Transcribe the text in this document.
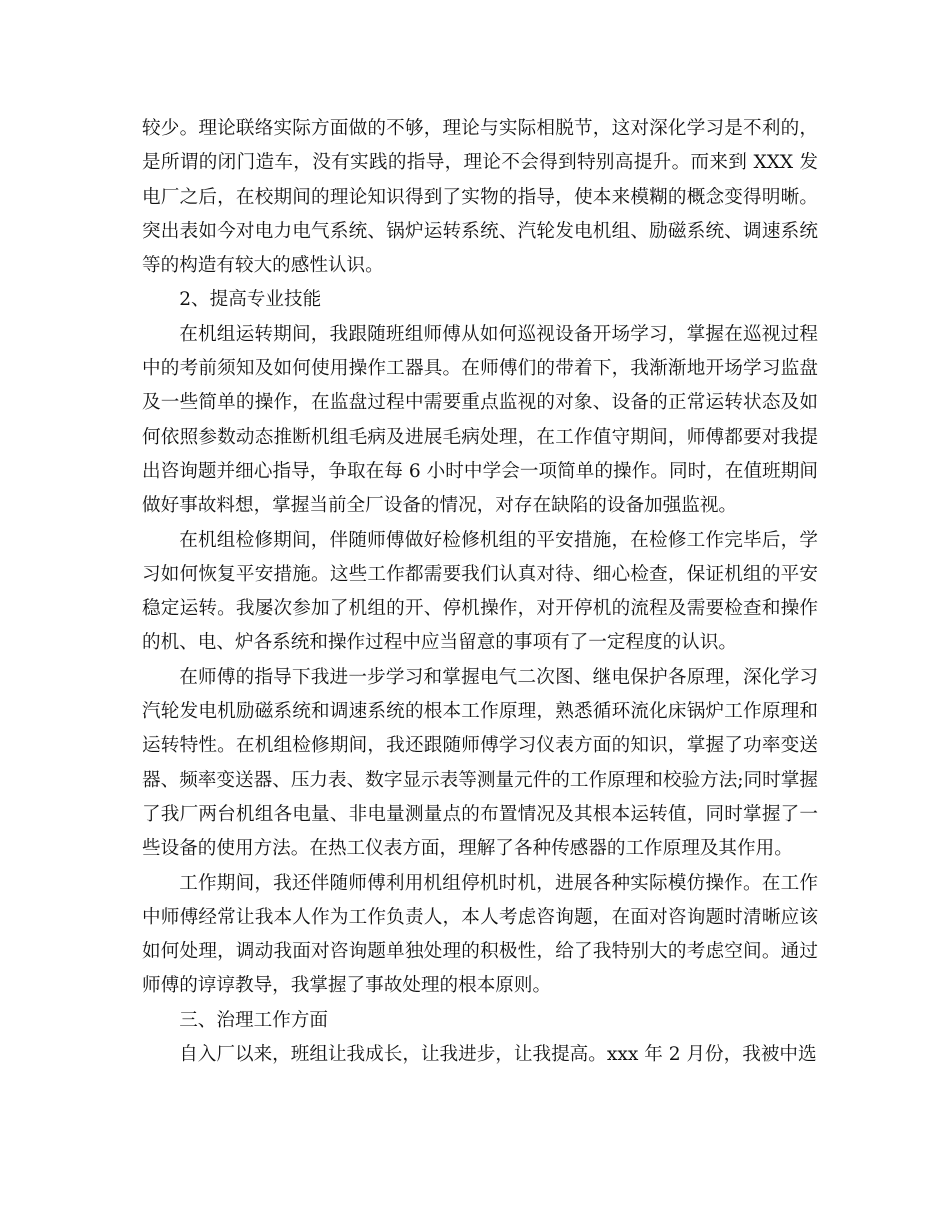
较少。理论联络实际方面做的不够，理论与实际相脱节，这对深化学习是不利的，是所谓的闭门造车，没有实践的指导，理论不会得到特别高提升。而来到 XXX 发电厂之后，在校期间的理论知识得到了实物的指导，使本来模糊的概念变得明晰。突出表如今对电力电气系统、锅炉运转系统、汽轮发电机组、励磁系统、调速系统等的构造有较大的感性认识。

2、提高专业技能

在机组运转期间，我跟随班组师傅从如何巡视设备开场学习，掌握在巡视过程中的考前须知及如何使用操作工器具。在师傅们的带着下，我渐渐地开场学习监盘及一些简单的操作，在监盘过程中需要重点监视的对象、设备的正常运转状态及如何依照参数动态推断机组毛病及进展毛病处理，在工作值守期间，师傅都要对我提出咨询题并细心指导，争取在每 6 小时中学会一项简单的操作。同时，在值班期间做好事故料想，掌握当前全厂设备的情况，对存在缺陷的设备加强监视。

在机组检修期间，伴随师傅做好检修机组的平安措施，在检修工作完毕后，学习如何恢复平安措施。这些工作都需要我们认真对待、细心检查，保证机组的平安稳定运转。我屡次参加了机组的开、停机操作，对开停机的流程及需要检查和操作的机、电、炉各系统和操作过程中应当留意的事项有了一定程度的认识。

在师傅的指导下我进一步学习和掌握电气二次图、继电保护各原理，深化学习汽轮发电机励磁系统和调速系统的根本工作原理，熟悉循环流化床锅炉工作原理和运转特性。在机组检修期间，我还跟随师傅学习仪表方面的知识，掌握了功率变送器、频率变送器、压力表、数字显示表等测量元件的工作原理和校验方法;同时掌握了我厂两台机组各电量、非电量测量点的布置情况及其根本运转值，同时掌握了一些设备的使用方法。在热工仪表方面，理解了各种传感器的工作原理及其作用。

工作期间，我还伴随师傅利用机组停机时机，进展各种实际模仿操作。在工作中师傅经常让我本人作为工作负责人，本人考虑咨询题，在面对咨询题时清晰应该如何处理，调动我面对咨询题单独处理的积极性，给了我特别大的考虑空间。通过师傅的谆谆教导，我掌握了事故处理的根本原则。

三、治理工作方面

自入厂以来，班组让我成长，让我进步，让我提高。xxx 年 2 月份，我被中选
